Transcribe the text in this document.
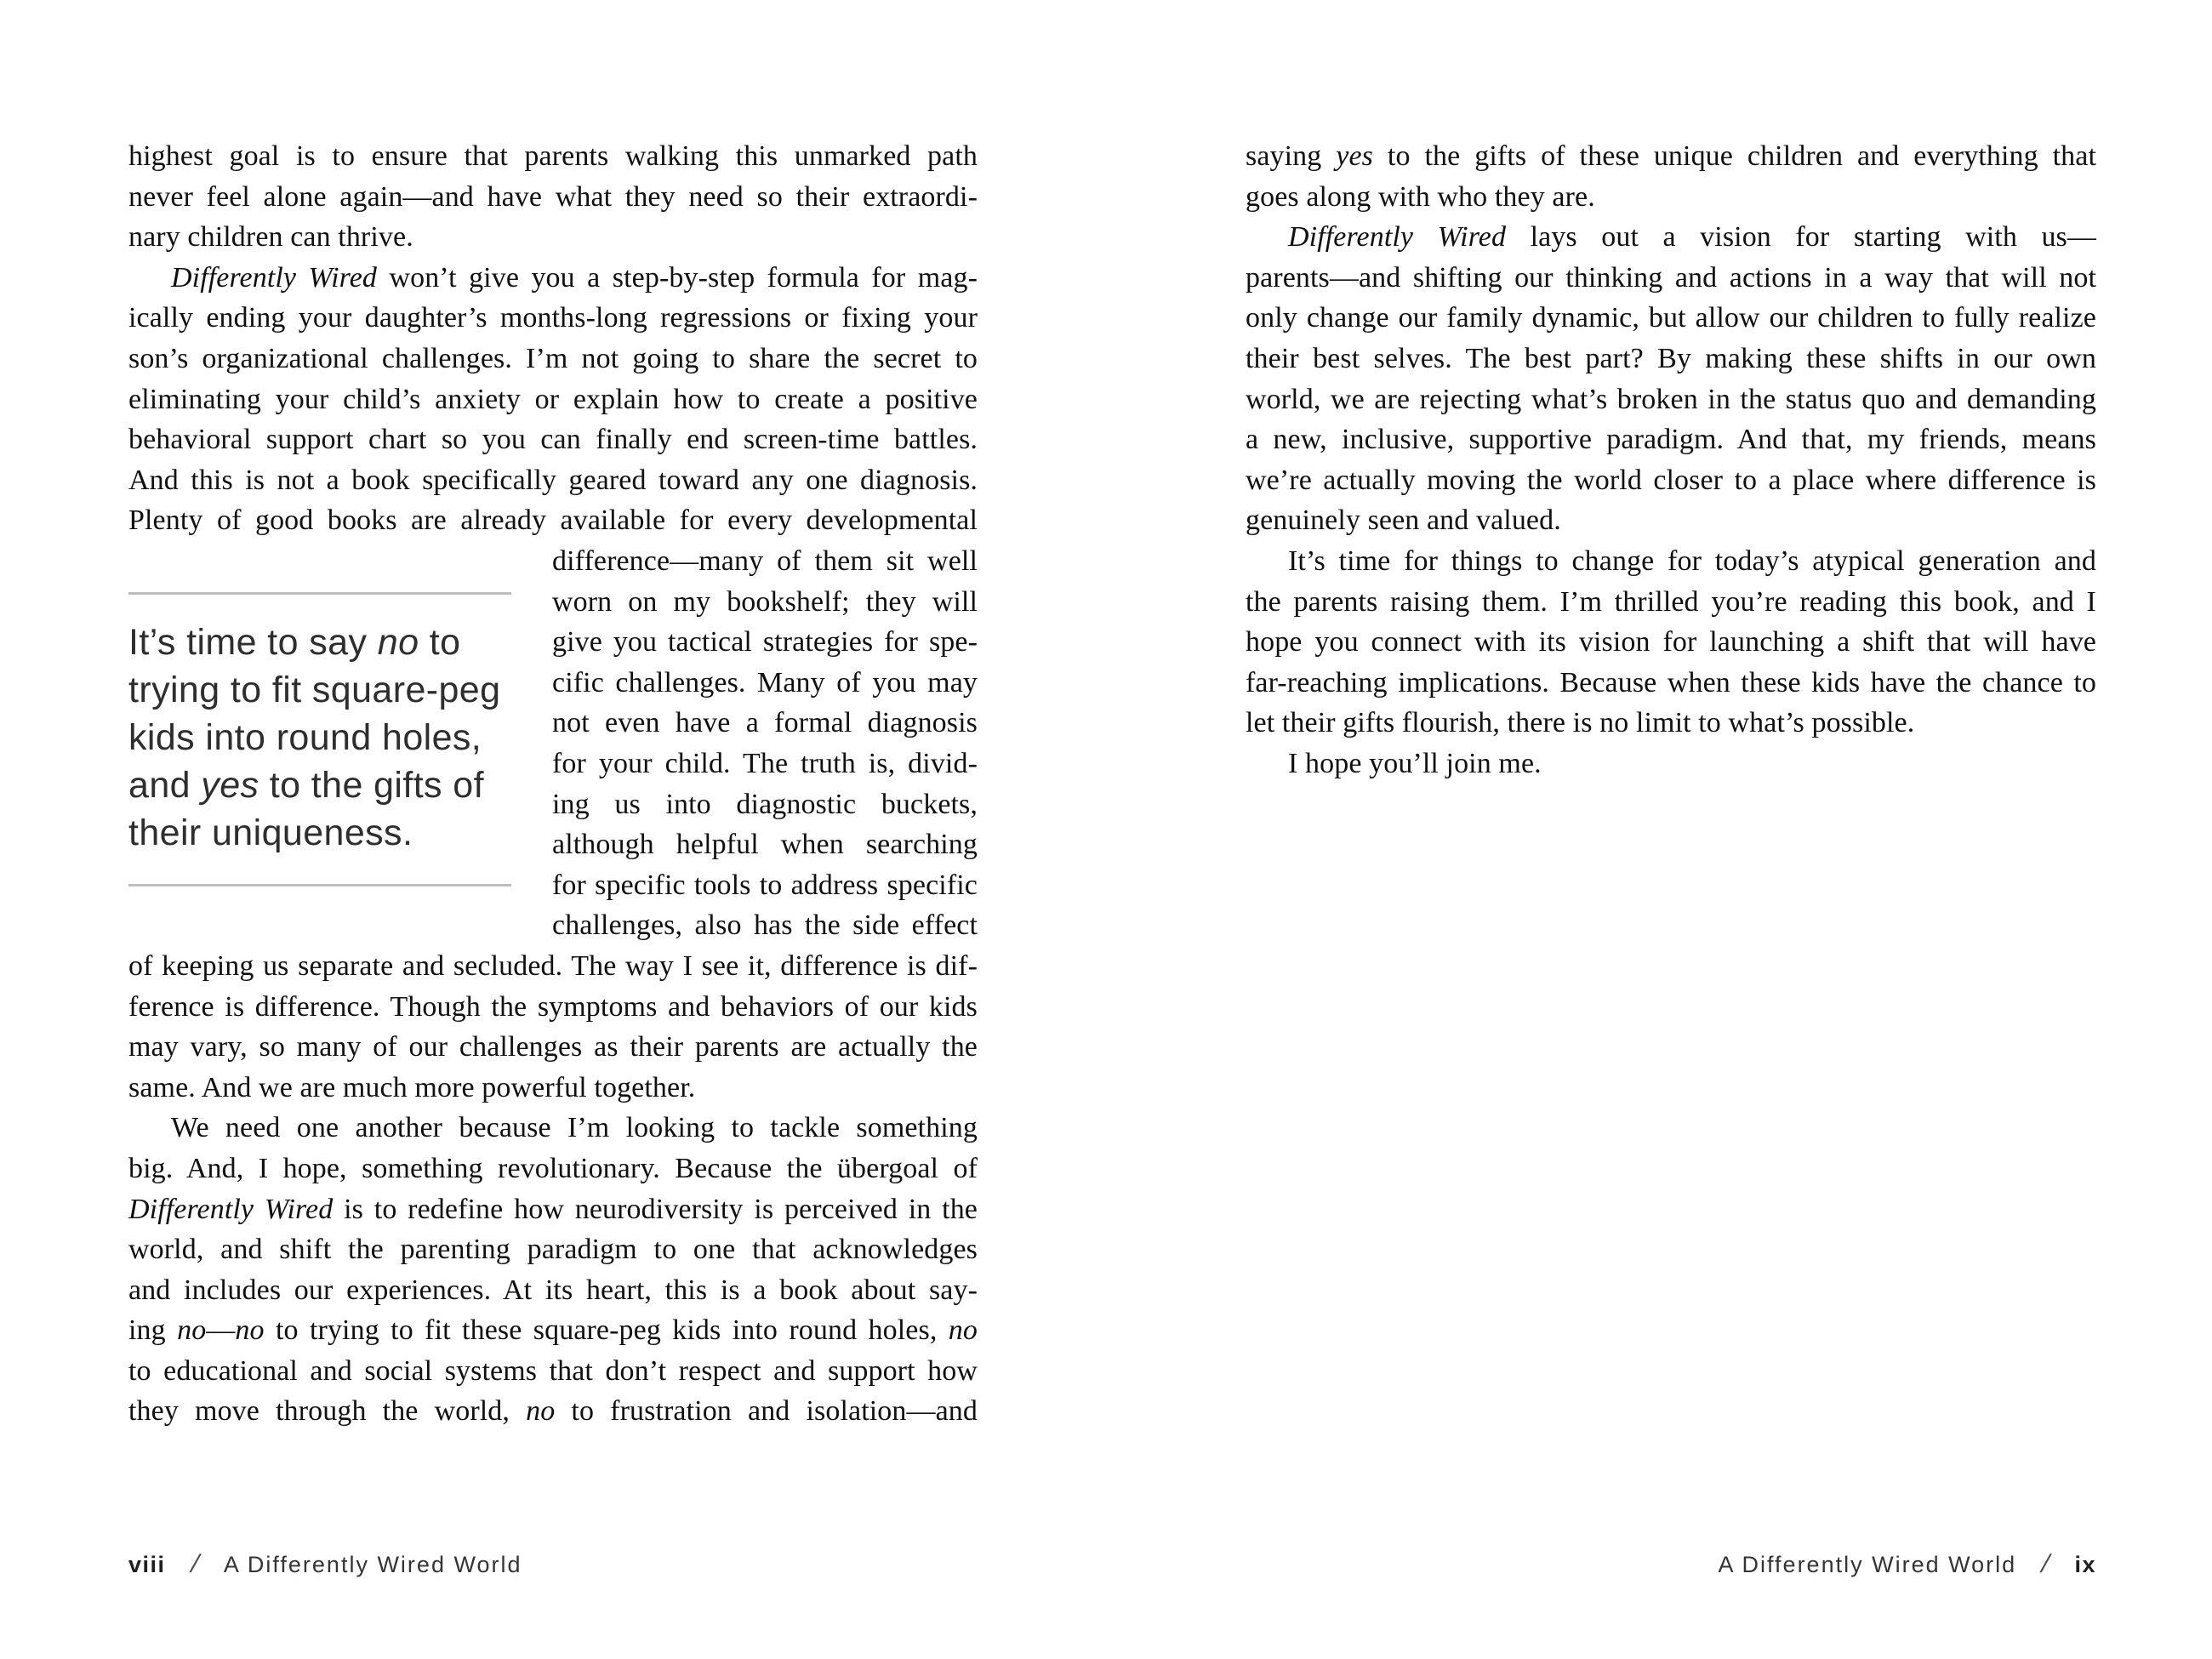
highest goal is to ensure that parents walking this unmarked path
never feel alone again—and have what they need so their extraordi-
nary children can thrive.
Differently Wired won’t give you a step-by-step formula for mag-
ically ending your daughter’s months-long regressions or fixing your
son’s organizational challenges. I’m not going to share the secret to
eliminating your child’s anxiety or explain how to create a positive
behavioral support chart so you can finally end screen-time battles.
And this is not a book specifically geared toward any one diagnosis.
Plenty of good books are already available for every developmental
It’s time to say no to
trying to fit square-peg
kids into round holes,
and yes to the gifts of
their uniqueness.
difference—many of them sit well
worn on my bookshelf; they will
give you tactical strategies for spe-
cific challenges. Many of you may
not even have a formal diagnosis
for your child. The truth is, divid-
ing us into diagnostic buckets,
although helpful when searching
for specific tools to address specific
challenges, also has the side effect
of keeping us separate and secluded. The way I see it, difference is dif-
ference is difference. Though the symptoms and behaviors of our kids
may vary, so many of our challenges as their parents are actually the
same. And we are much more powerful together.
We need one another because I’m looking to tackle something
big. And, I hope, something revolutionary. Because the übergoal of
Differently Wired is to redefine how neurodiversity is perceived in the
world, and shift the parenting paradigm to one that acknowledges
and includes our experiences. At its heart, this is a book about say-
ing no—no to trying to fit these square-peg kids into round holes, no
to educational and social systems that don’t respect and support how
they move through the world, no to frustration and isolation—and
saying yes to the gifts of these unique children and everything that
goes along with who they are.
Differently Wired lays out a vision for starting with us—
parents—and shifting our thinking and actions in a way that will not
only change our family dynamic, but allow our children to fully realize
their best selves. The best part? By making these shifts in our own
world, we are rejecting what’s broken in the status quo and demanding
a new, inclusive, supportive paradigm. And that, my friends, means
we’re actually moving the world closer to a place where difference is
genuinely seen and valued.
It’s time for things to change for today’s atypical generation and
the parents raising them. I’m thrilled you’re reading this book, and I
hope you connect with its vision for launching a shift that will have
far-reaching implications. Because when these kids have the chance to
let their gifts flourish, there is no limit to what’s possible.
I hope you’ll join me.
viii / A Differently Wired World	A Differently Wired World / ix
